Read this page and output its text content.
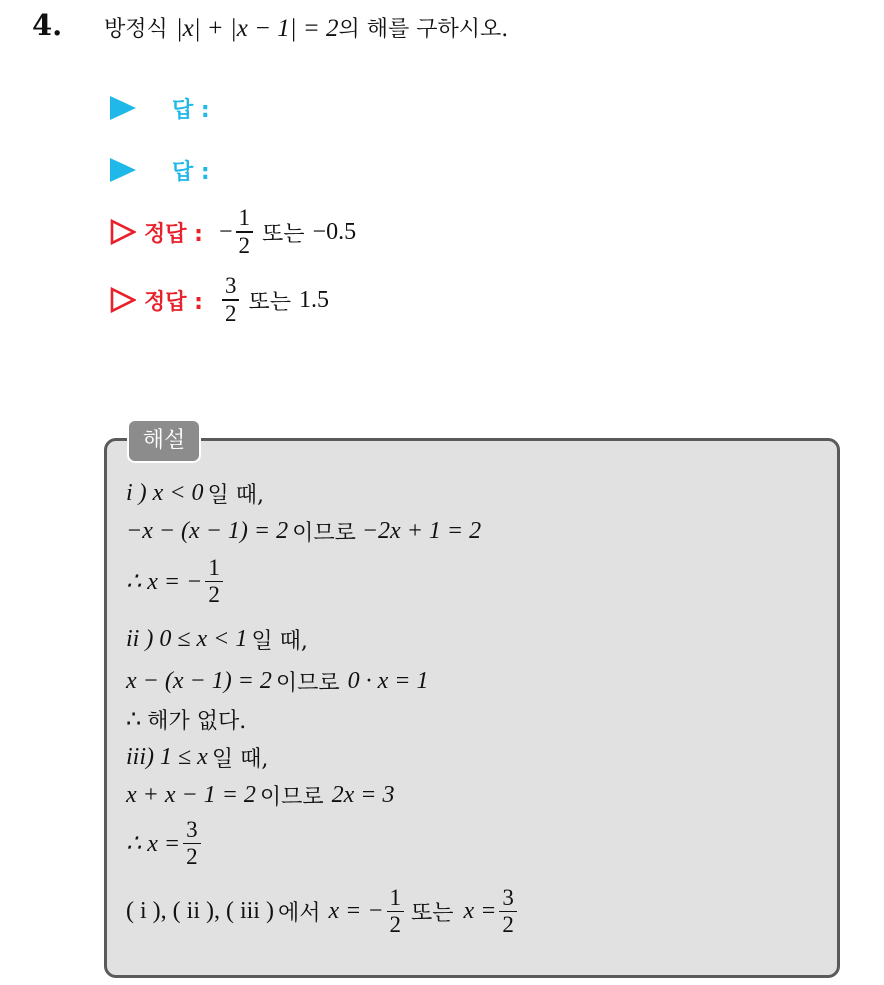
4. 방정식 |x| + |x − 1| = 2의 해를 구하시오.
답 :
답 :
정답 : − $\frac{1}{2}$ 또는 −0.5
정답 : $\frac{3}{2}$ 또는 1.5
해설
i ) x < 0 일 때,
−x − (x − 1) = 2 이므로 −2x + 1 = 2
∴ x = − $\frac{1}{2}$
ii ) 0 ≤ x < 1 일 때,
x − (x − 1) = 2 이므로 0 · x = 1
∴ 해가 없다.
iii) 1 ≤ x 일 때,
x + x − 1 = 2 이므로 2x = 3
∴ $x = \frac{3}{2}$
( i ), ( ii ), ( iii ) 에서 x = − $\frac{1}{2}$ 또는 $x = \frac{3}{2}$
